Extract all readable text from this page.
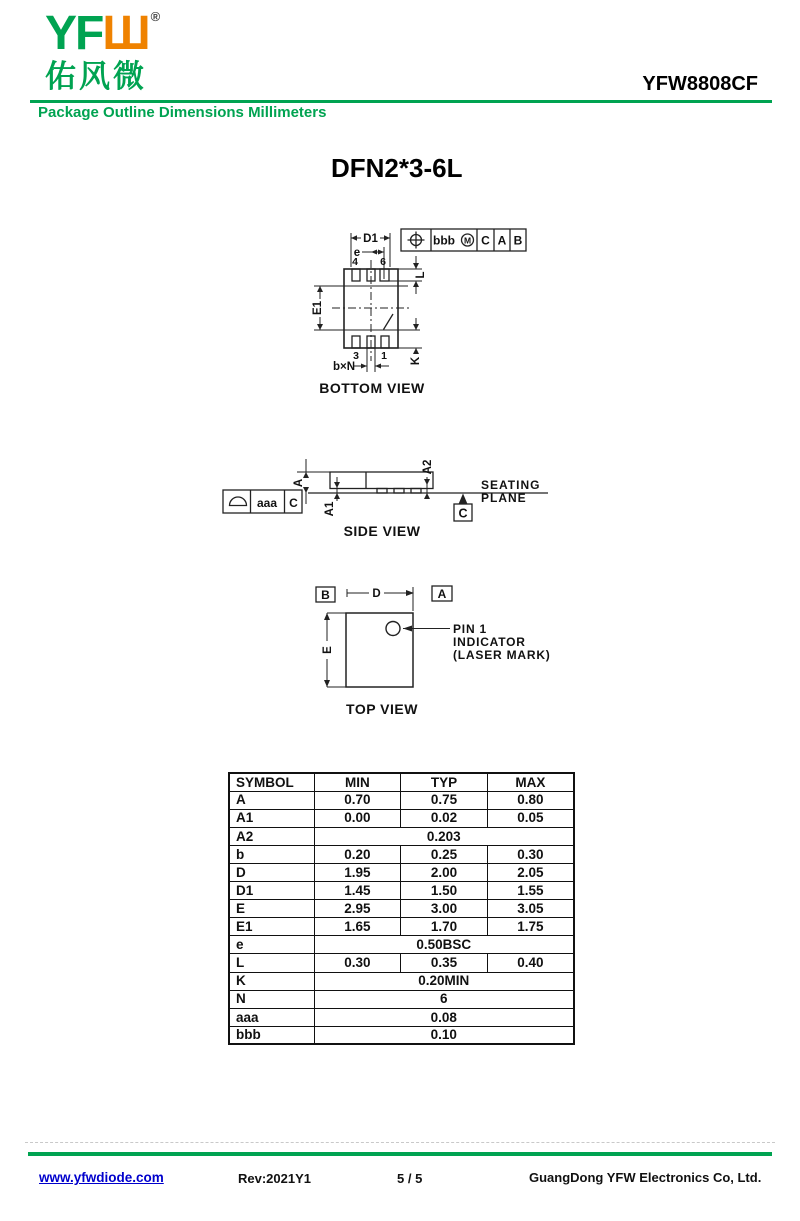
YFШ ®
佑风微	YFW8808CF
Package Outline Dimensions Millimeters
DFN2*3-6L
bbb M C A B
D1
e
4 6
3 1
E1
L
K
b×N
BOTTOM VIEW
aaa C
A
A1
A2
C
SEATING
PLANE
SIDE VIEW
B	A
D
E
PIN 1
INDICATOR
(LASER MARK)
TOP VIEW
SYMBOL	MIN	TYP	MAX
A	0.70	0.75	0.80
A1	0.00	0.02	0.05
A2	0.203		
b	0.20	0.25	0.30
D	1.95	2.00	2.05
D1	1.45	1.50	1.55
E	2.95	3.00	3.05
E1	1.65	1.70	1.75
e	0.50BSC		
L	0.30	0.35	0.40
K	0.20MIN		
N	6		
aaa	0.08		
bbb	0.10		
www.yfwdiode.com	Rev:2021Y1	5 / 5	GuangDong YFW Electronics Co, Ltd.
